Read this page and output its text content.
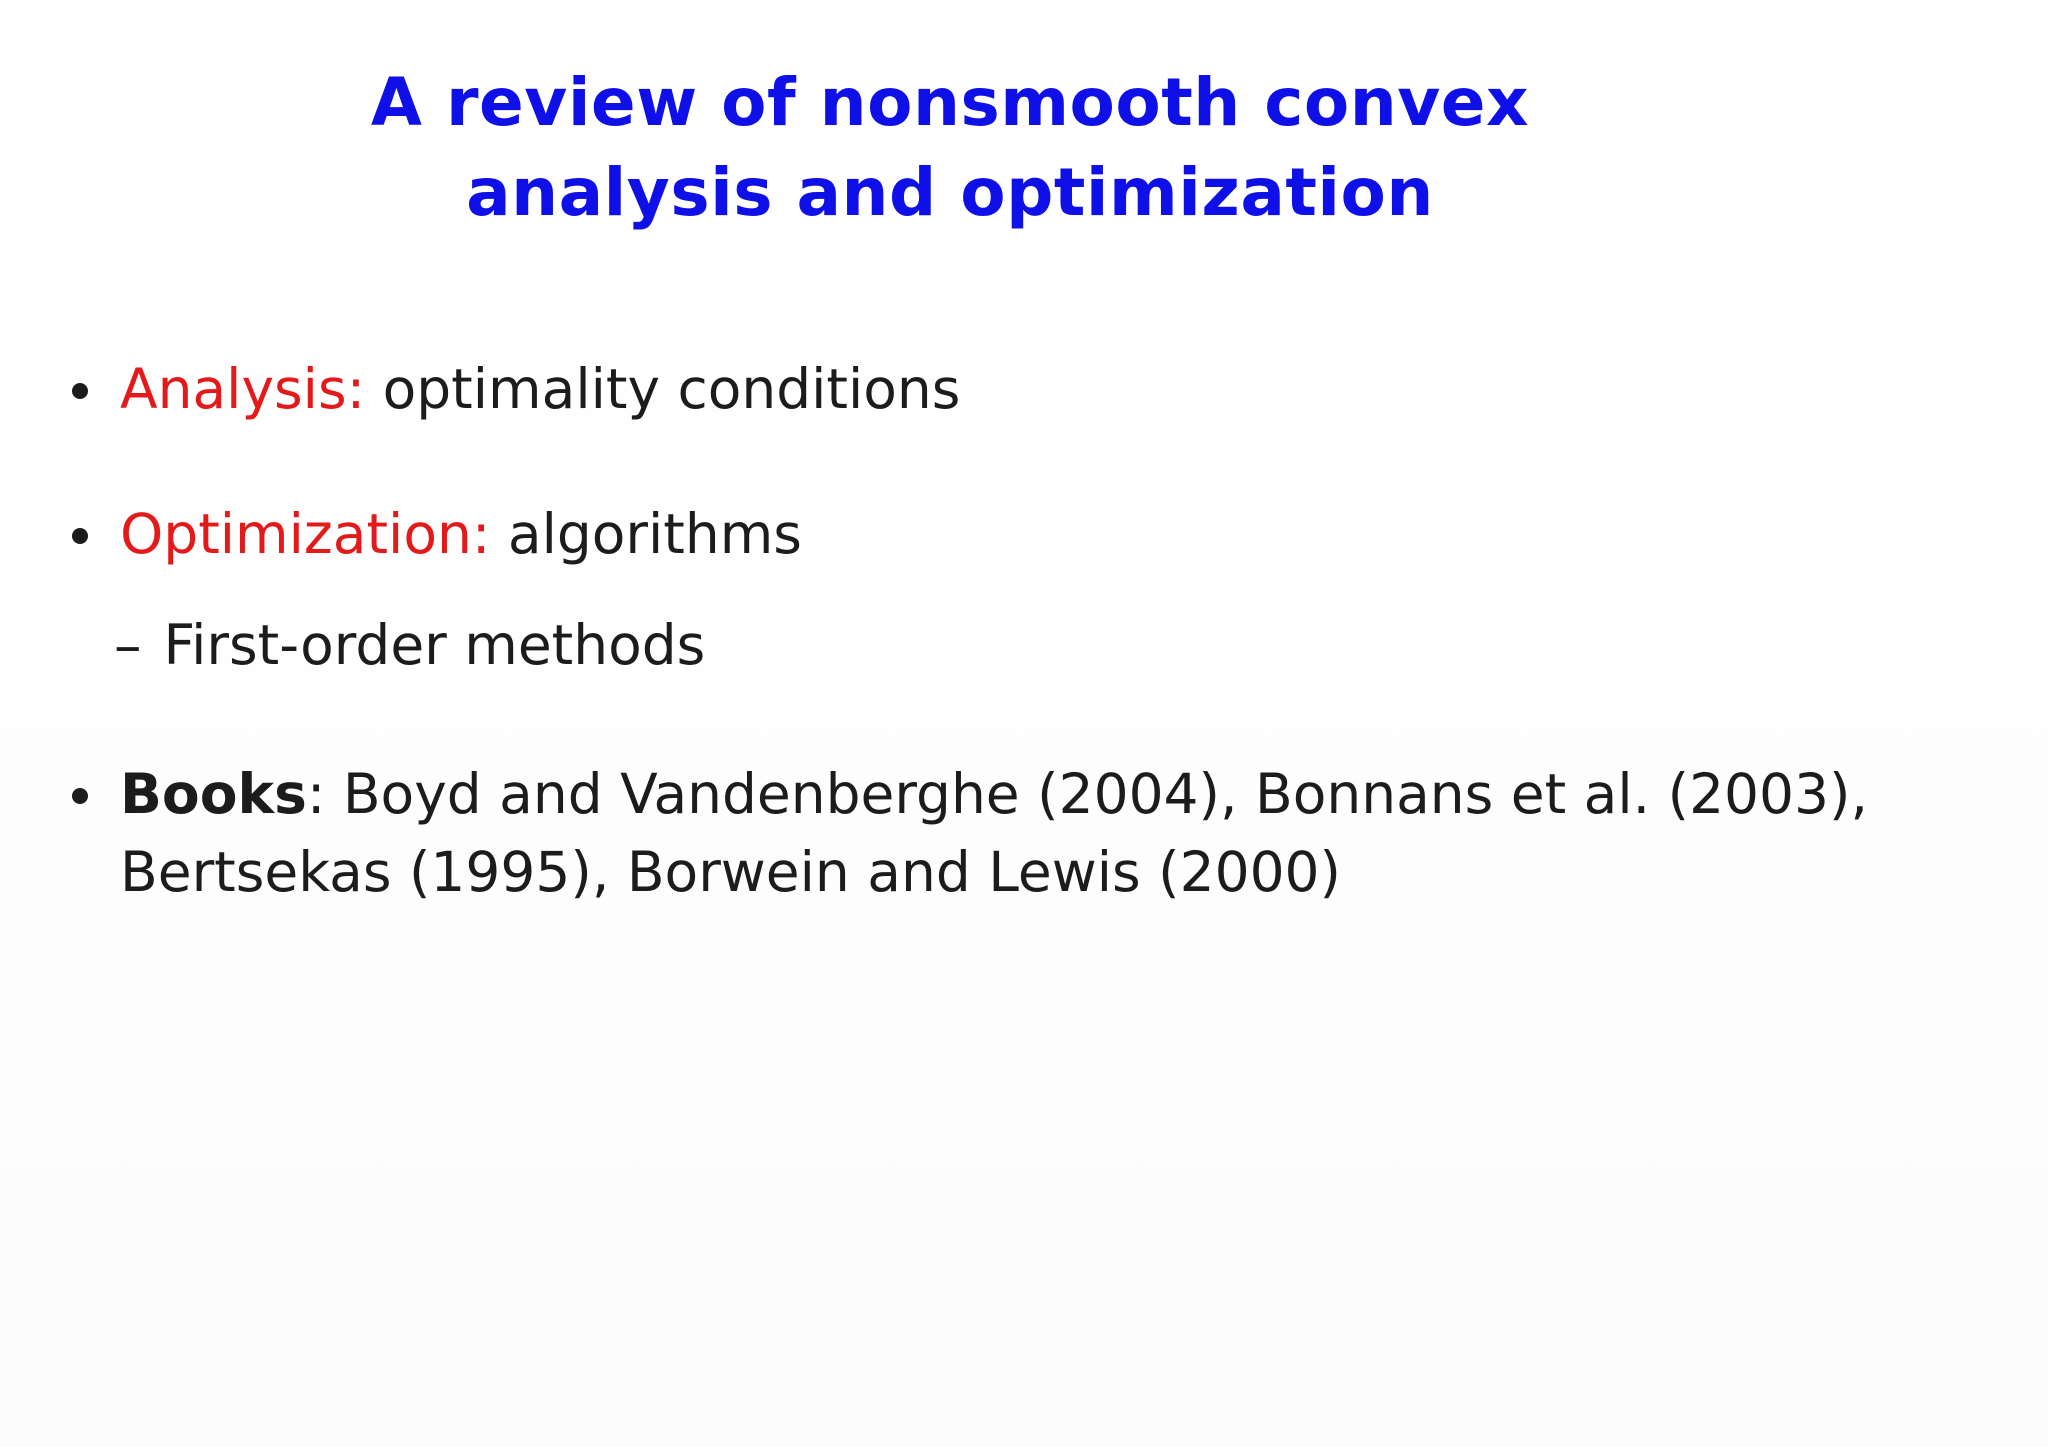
A review of nonsmooth convex
analysis and optimization
Analysis: optimality conditions
Optimization: algorithms
– First-order methods
Books: Boyd and Vandenberghe (2004), Bonnans et al. (2003),
Bertsekas (1995), Borwein and Lewis (2000)
